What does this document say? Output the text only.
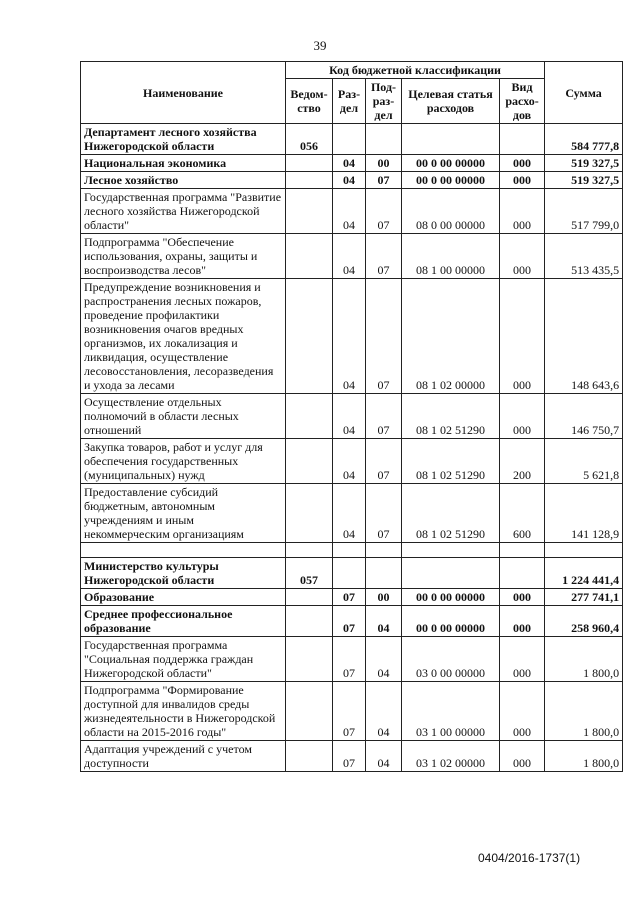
39
Наименование	Код бюджетной классификации					Сумма
	Ведом-ство	Раз-дел	Под-раз-дел	Целевая статья расходов	Вид расхо-дов	
Департамент лесного хозяйства Нижегородской области	056					584 777,8
Национальная экономика		04	00	00 0 00 00000	000	519 327,5
Лесное хозяйство		04	07	00 0 00 00000	000	519 327,5
Государственная программа "Развитие лесного хозяйства Нижегородской области"		04	07	08 0 00 00000	000	517 799,0
Подпрограмма "Обеспечение использования, охраны, защиты и воспроизводства лесов"		04	07	08 1 00 00000	000	513 435,5
Предупреждение возникновения и распространения лесных пожаров, проведение профилактики возникновения очагов вредных организмов, их локализация и ликвидация, осуществление лесовосстановления, лесоразведения и ухода за лесами		04	07	08 1 02 00000	000	148 643,6
Осуществление отдельных полномочий в области лесных отношений		04	07	08 1 02 51290	000	146 750,7
Закупка товаров, работ и услуг для обеспечения государственных (муниципальных) нужд		04	07	08 1 02 51290	200	5 621,8
Предоставление субсидий бюджетным, автономным учреждениям и иным некоммерческим организациям		04	07	08 1 02 51290	600	141 128,9

Министерство культуры Нижегородской области	057					1 224 441,4
Образование		07	00	00 0 00 00000	000	277 741,1
Среднее профессиональное образование		07	04	00 0 00 00000	000	258 960,4
Государственная программа "Социальная поддержка граждан Нижегородской области"		07	04	03 0 00 00000	000	1 800,0
Подпрограмма "Формирование доступной для инвалидов среды жизнедеятельности в Нижегородской области на 2015-2016 годы"		07	04	03 1 00 00000	000	1 800,0
Адаптация учреждений с учетом доступности		07	04	03 1 02 00000	000	1 800,0
0404/2016-1737(1)
